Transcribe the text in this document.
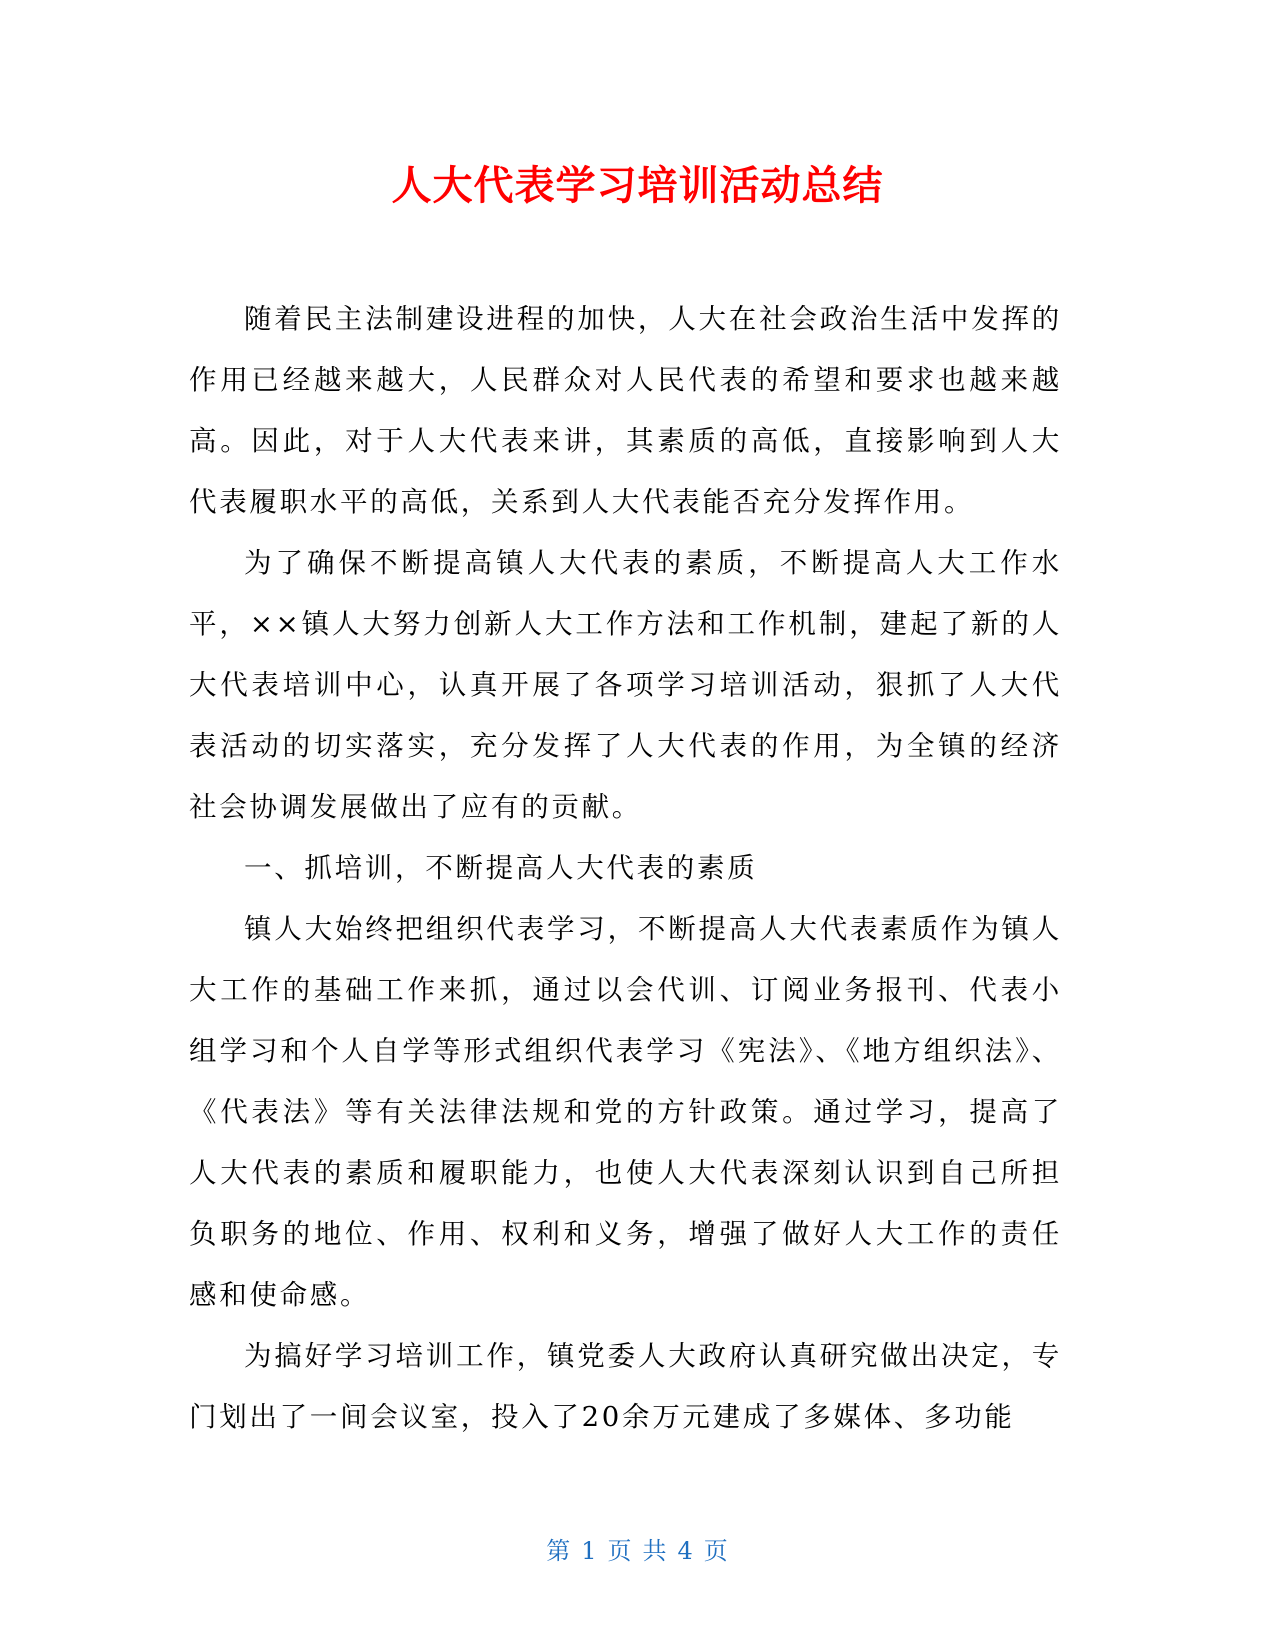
人大代表学习培训活动总结

随着民主法制建设进程的加快，人大在社会政治生活中发挥的作用已经越来越大，人民群众对人民代表的希望和要求也越来越高。因此，对于人大代表来讲，其素质的高低，直接影响到人大代表履职水平的高低，关系到人大代表能否充分发挥作用。

为了确保不断提高镇人大代表的素质，不断提高人大工作水平，××镇人大努力创新人大工作方法和工作机制，建起了新的人大代表培训中心，认真开展了各项学习培训活动，狠抓了人大代表活动的切实落实，充分发挥了人大代表的作用，为全镇的经济社会协调发展做出了应有的贡献。

一、抓培训，不断提高人大代表的素质

镇人大始终把组织代表学习，不断提高人大代表素质作为镇人大工作的基础工作来抓，通过以会代训、订阅业务报刊、代表小组学习和个人自学等形式组织代表学习《宪法》、《地方组织法》、《代表法》等有关法律法规和党的方针政策。通过学习，提高了人大代表的素质和履职能力，也使人大代表深刻认识到自己所担负职务的地位、作用、权利和义务，增强了做好人大工作的责任感和使命感。

为搞好学习培训工作，镇党委人大政府认真研究做出决定，专门划出了一间会议室，投入了20余万元建成了多媒体、多功能

第 1 页 共 4 页
